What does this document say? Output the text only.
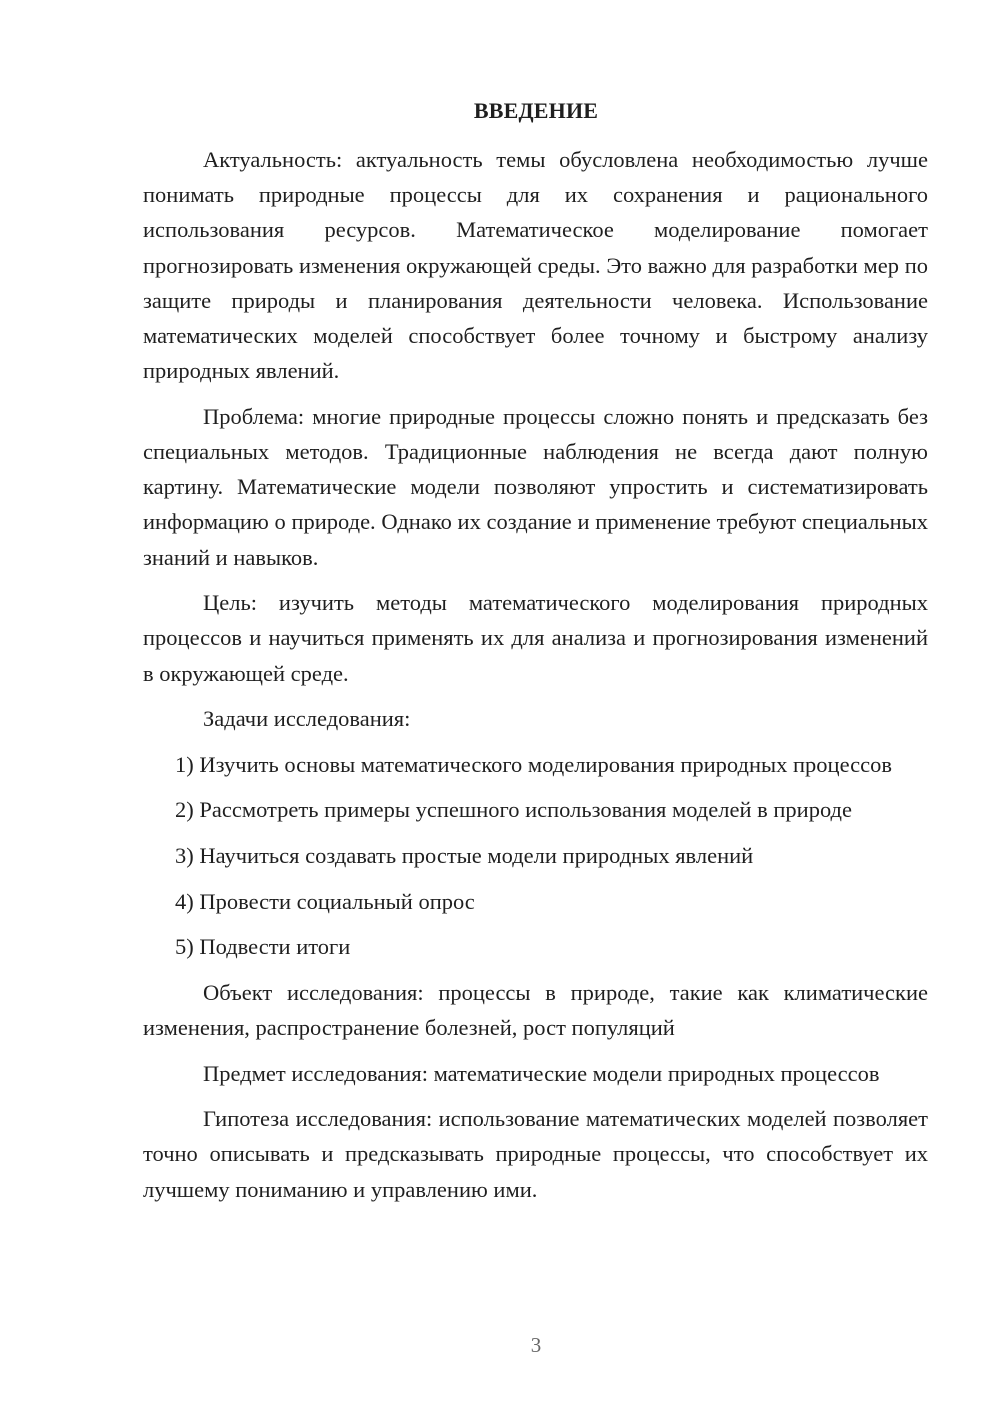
ВВЕДЕНИЕ

Актуальность: актуальность темы обусловлена необходимостью лучше понимать природные процессы для их сохранения и рационального использования ресурсов. Математическое моделирование помогает прогнозировать изменения окружающей среды. Это важно для разработки мер по защите природы и планирования деятельности человека. Использование математических моделей способствует более точному и быстрому анализу природных явлений.

Проблема: многие природные процессы сложно понять и предсказать без специальных методов. Традиционные наблюдения не всегда дают полную картину. Математические модели позволяют упростить и систематизировать информацию о природе. Однако их создание и применение требуют специальных знаний и навыков.

Цель: изучить методы математического моделирования природных процессов и научиться применять их для анализа и прогнозирования изменений в окружающей среде.

Задачи исследования:

1) Изучить основы математического моделирования природных процессов

2) Рассмотреть примеры успешного использования моделей в природе

3) Научиться создавать простые модели природных явлений

4) Провести социальный опрос

5) Подвести итоги

Объект исследования: процессы в природе, такие как климатические изменения, распространение болезней, рост популяций

Предмет исследования: математические модели природных процессов

Гипотеза исследования: использование математических моделей позволяет точно описывать и предсказывать природные процессы, что способствует их лучшему пониманию и управлению ими.

3
